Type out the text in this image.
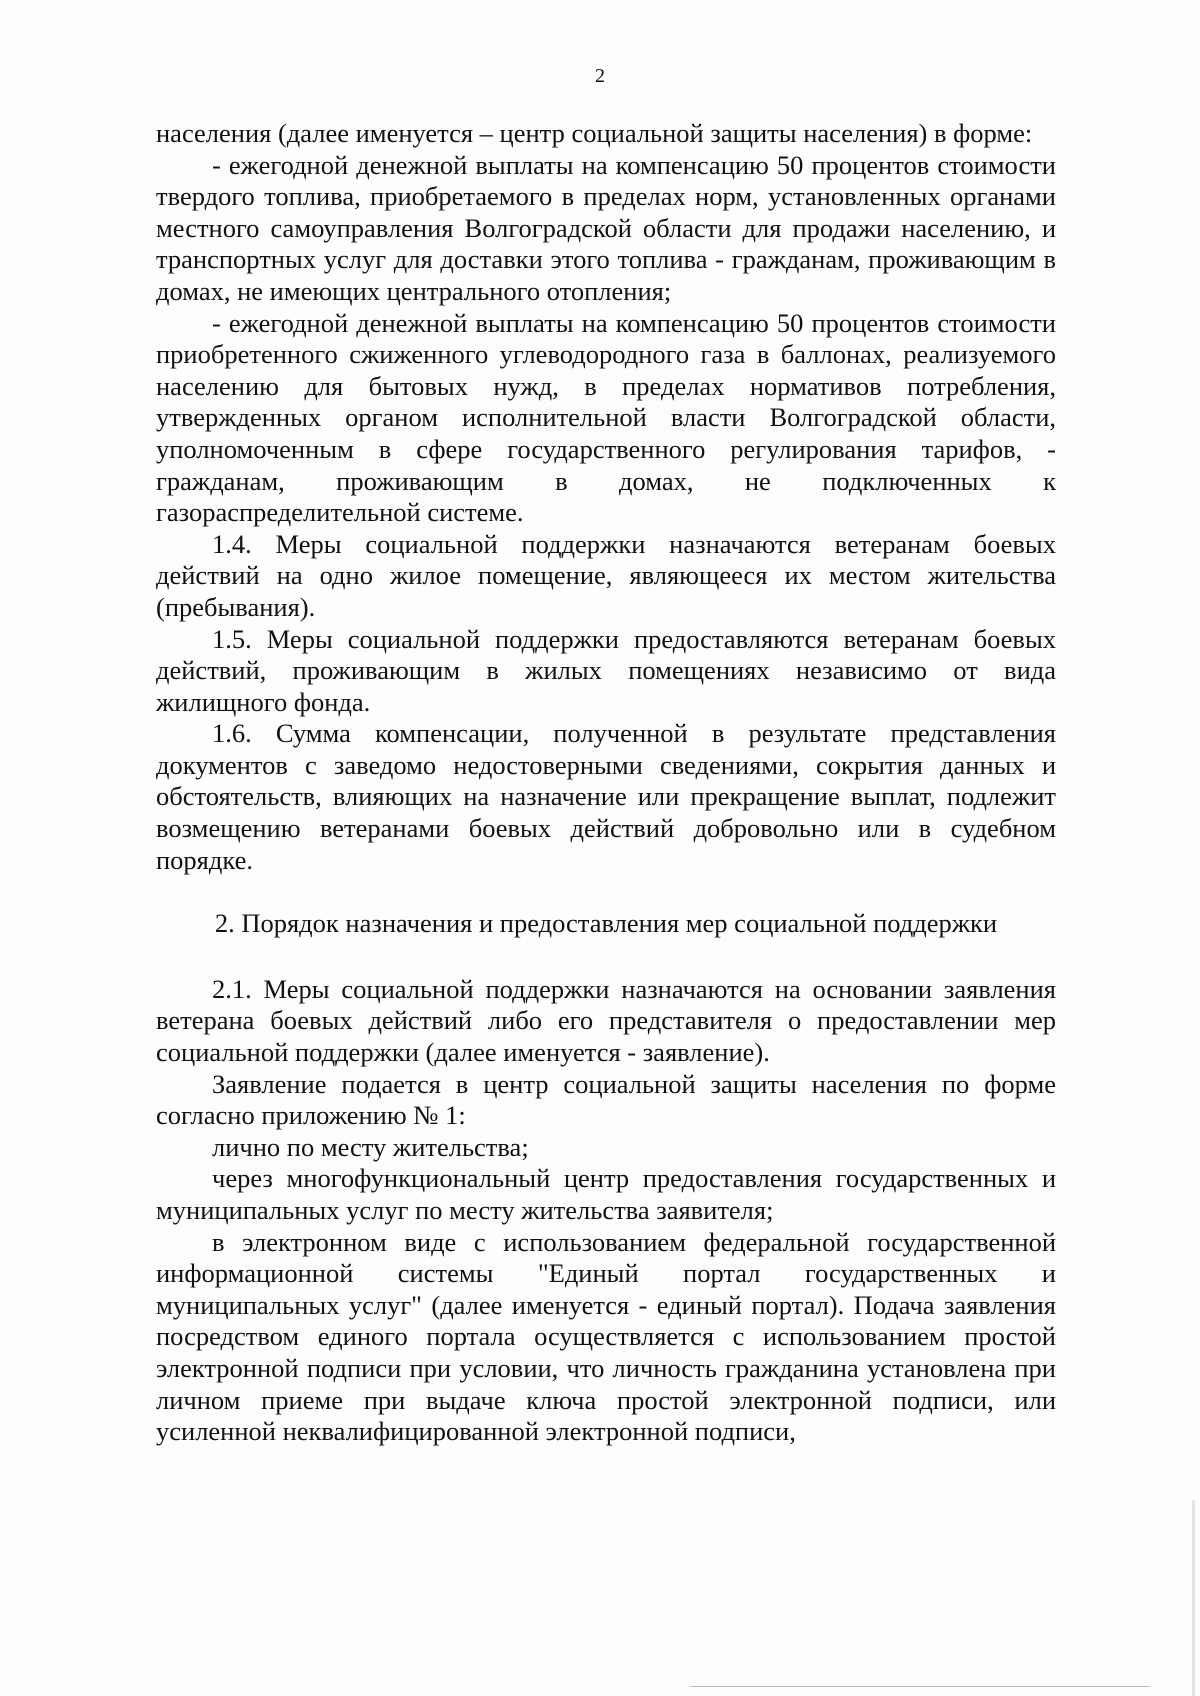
2

населения (далее именуется – центр социальной защиты населения) в форме:

- ежегодной денежной выплаты на компенсацию 50 процентов стоимости твердого топлива, приобретаемого в пределах норм, установленных органами местного самоуправления Волгоградской области для продажи населению, и транспортных услуг для доставки этого топлива - гражданам, проживающим в домах, не имеющих центрального отопления;

- ежегодной денежной выплаты на компенсацию 50 процентов стоимости приобретенного сжиженного углеводородного газа в баллонах, реализуемого населению для бытовых нужд, в пределах нормативов потребления, утвержденных органом исполнительной власти Волгоградской области, уполномоченным в сфере государственного регулирования тарифов, - гражданам, проживающим в домах, не подключенных к газораспределительной системе.

1.4. Меры социальной поддержки назначаются ветеранам боевых действий на одно жилое помещение, являющееся их местом жительства (пребывания).

1.5. Меры социальной поддержки предоставляются ветеранам боевых действий, проживающим в жилых помещениях независимо от вида жилищного фонда.

1.6. Сумма компенсации, полученной в результате представления документов с заведомо недостоверными сведениями, сокрытия данных и обстоятельств, влияющих на назначение или прекращение выплат, подлежит возмещению ветеранами боевых действий добровольно или в судебном порядке.

2. Порядок назначения и предоставления мер социальной поддержки

2.1. Меры социальной поддержки назначаются на основании заявления ветерана боевых действий либо его представителя о предоставлении мер социальной поддержки (далее именуется - заявление).

Заявление подается в центр социальной защиты населения по форме согласно приложению № 1:

лично по месту жительства;

через многофункциональный центр предоставления государственных и муниципальных услуг по месту жительства заявителя;

в электронном виде с использованием федеральной государственной информационной системы "Единый портал государственных и муниципальных услуг" (далее именуется - единый портал). Подача заявления посредством единого портала осуществляется с использованием простой электронной подписи при условии, что личность гражданина установлена при личном приеме при выдаче ключа простой электронной подписи, или усиленной неквалифицированной электронной подписи,
